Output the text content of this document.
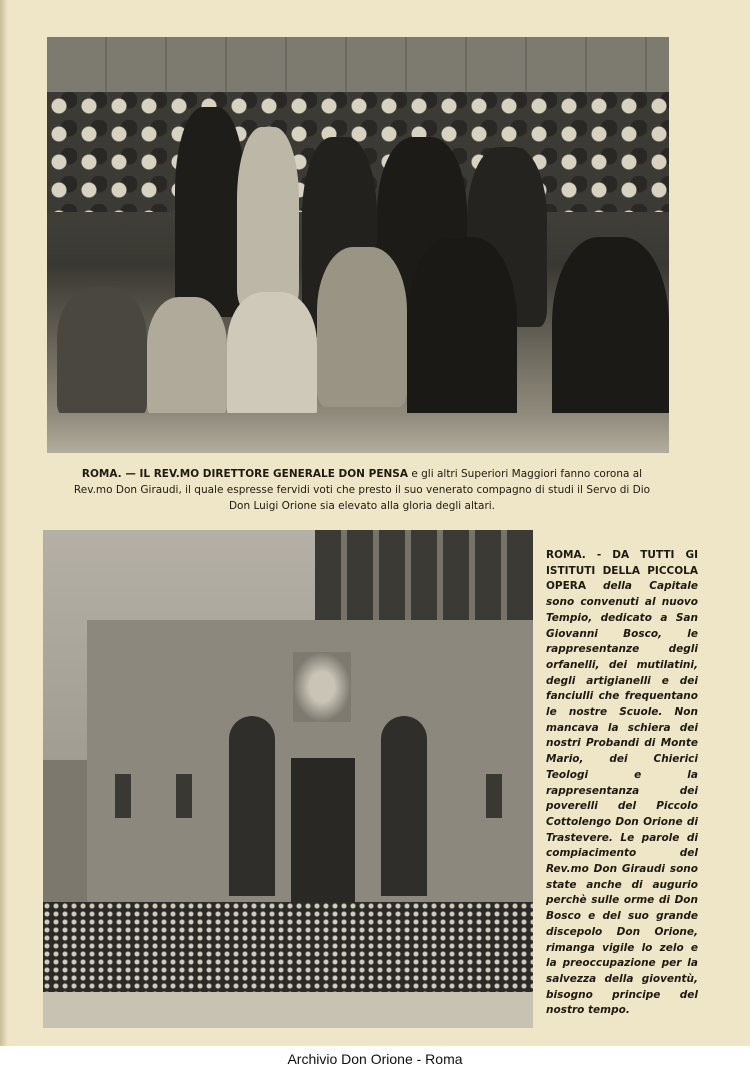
ROMA. — IL REV.MO DIRETTORE GENERALE DON PENSA e gli altri Superiori Maggiori fanno corona al Rev.mo Don Giraudi, il quale espresse fervidi voti che presto il suo venerato compagno di studi il Servo di Dio Don Luigi Orione sia elevato alla gloria degli altari.
ROMA. - DA TUTTI GI ISTITUTI DELLA PICCOLA OPERA della Capitale sono convenuti al nuovo Tempio, dedicato a San Giovanni Bosco, le rappresentanze degli orfanelli, dei mutilatini, degli artigianelli e dei fanciulli che frequentano le nostre Scuole. Non mancava la schiera dei nostri Probandi di Monte Mario, dei Chierici Teologi e la rappresentanza dei poverelli del Piccolo Cottolengo Don Orione di Trastevere. Le parole di compiacimento del Rev.mo Don Giraudi sono state anche di augurio perchè sulle orme di Don Bosco e del suo grande discepolo Don Orione, rimanga vigile lo zelo e la preoccupazione per la salvezza della gioventù, bisogno principe del nostro tempo.
Archivio Don Orione - Roma
